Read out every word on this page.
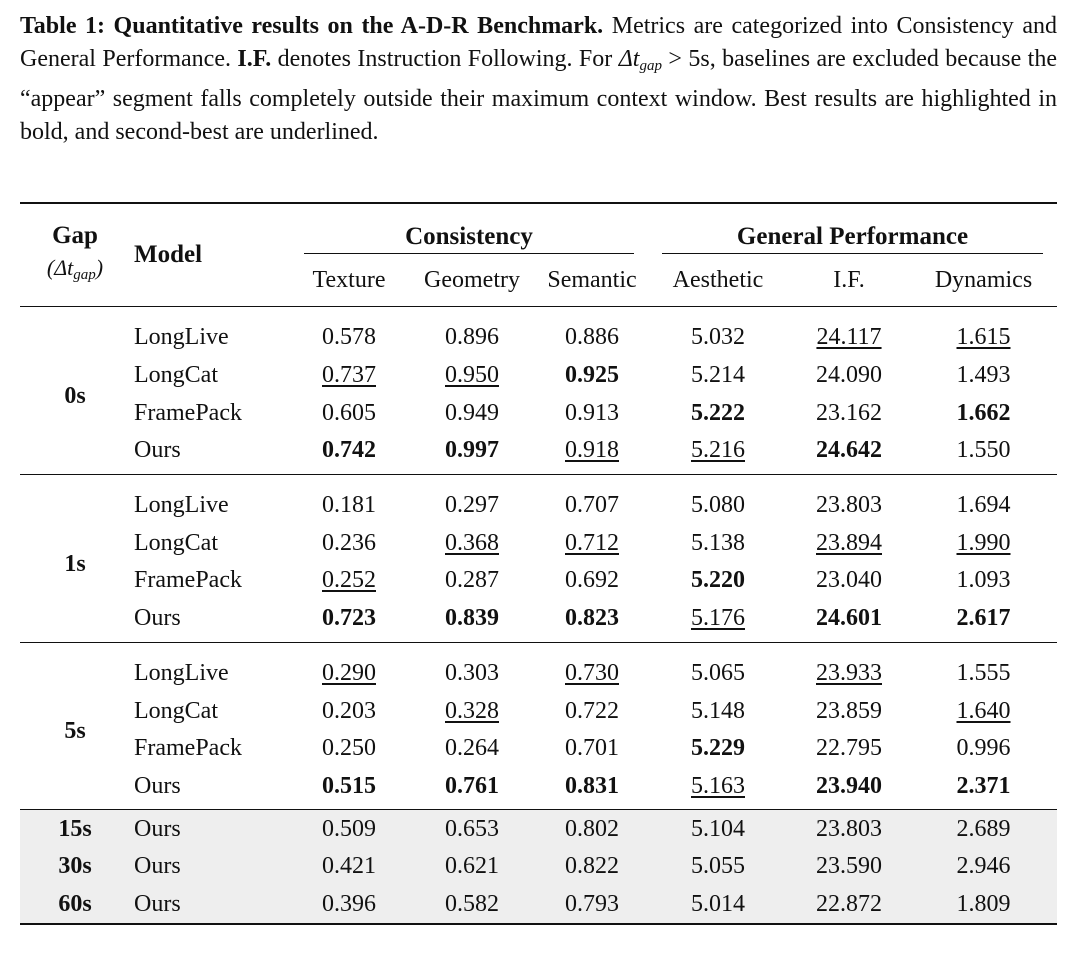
Table 1: Quantitative results on the A-D-R Benchmark. Metrics are categorized into Consistency and General Performance. I.F. denotes Instruction Following. For $\Delta t_{gap} > 5s$, baselines are excluded because the “appear” segment falls completely outside their maximum context window. Best results are highlighted in bold, and second-best are underlined.
Gap
$(\Delta t_{gap})$	Model	Consistency			General Performance		

		Texture	Geometry	Semantic	Aesthetic	I.F.	Dynamics
0s	LongLive	0.578	0.896	0.886	5.032	24.117	1.615
	LongCat	0.737	0.950	0.925	5.214	24.090	1.493
	FramePack	0.605	0.949	0.913	5.222	23.162	1.662
	Ours	0.742	0.997	0.918	5.216	24.642	1.550
1s	LongLive	0.181	0.297	0.707	5.080	23.803	1.694
	LongCat	0.236	0.368	0.712	5.138	23.894	1.990
	FramePack	0.252	0.287	0.692	5.220	23.040	1.093
	Ours	0.723	0.839	0.823	5.176	24.601	2.617
5s	LongLive	0.290	0.303	0.730	5.065	23.933	1.555
	LongCat	0.203	0.328	0.722	5.148	23.859	1.640
	FramePack	0.250	0.264	0.701	5.229	22.795	0.996
	Ours	0.515	0.761	0.831	5.163	23.940	2.371
15s	Ours	0.509	0.653	0.802	5.104	23.803	2.689
30s	Ours	0.421	0.621	0.822	5.055	23.590	2.946
60s	Ours	0.396	0.582	0.793	5.014	22.872	1.809
